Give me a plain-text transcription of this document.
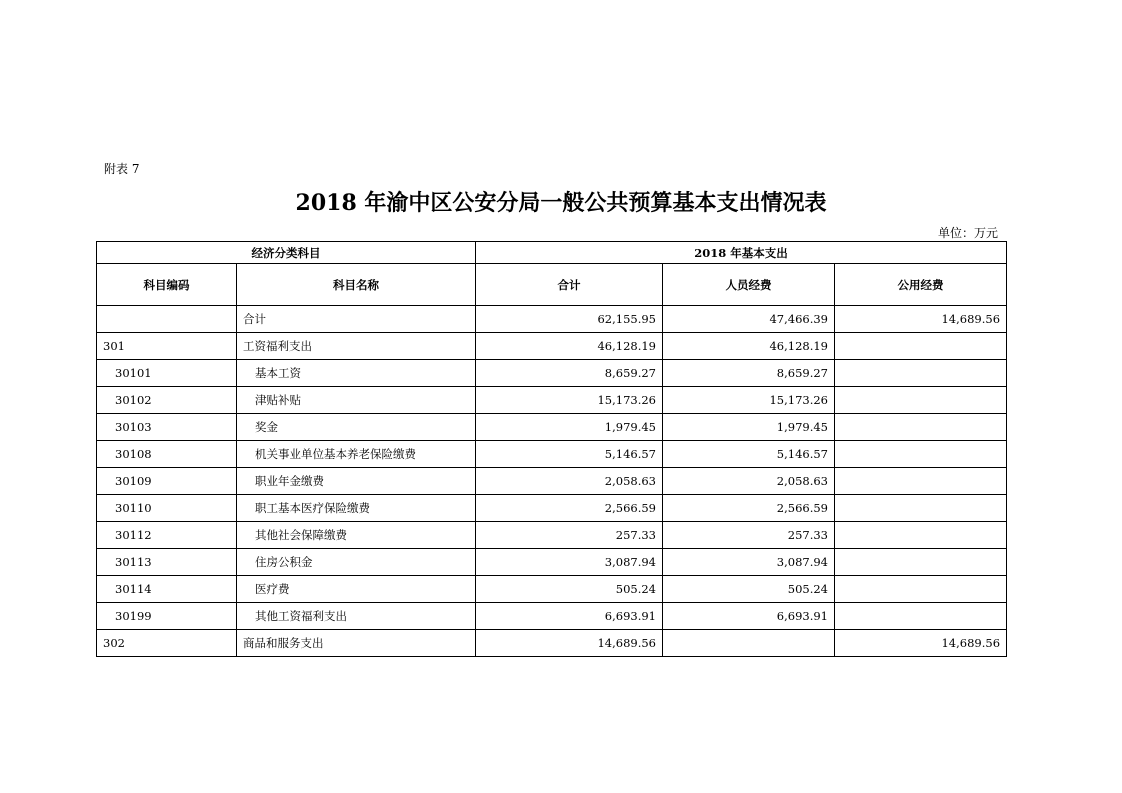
附表 7
2018 年渝中区公安分局一般公共预算基本支出情况表
单位：万元
经济分类科目		2018 年基本支出		
科目编码	科目名称	合计	人员经费	公用经费
	合计	62,155.95	47,466.39	14,689.56
301	工资福利支出	46,128.19	46,128.19	
30101	基本工资	8,659.27	8,659.27	
30102	津贴补贴	15,173.26	15,173.26	
30103	奖金	1,979.45	1,979.45	
30108	机关事业单位基本养老保险缴费	5,146.57	5,146.57	
30109	职业年金缴费	2,058.63	2,058.63	
30110	职工基本医疗保险缴费	2,566.59	2,566.59	
30112	其他社会保障缴费	257.33	257.33	
30113	住房公积金	3,087.94	3,087.94	
30114	医疗费	505.24	505.24	
30199	其他工资福利支出	6,693.91	6,693.91	
302	商品和服务支出	14,689.56		14,689.56
